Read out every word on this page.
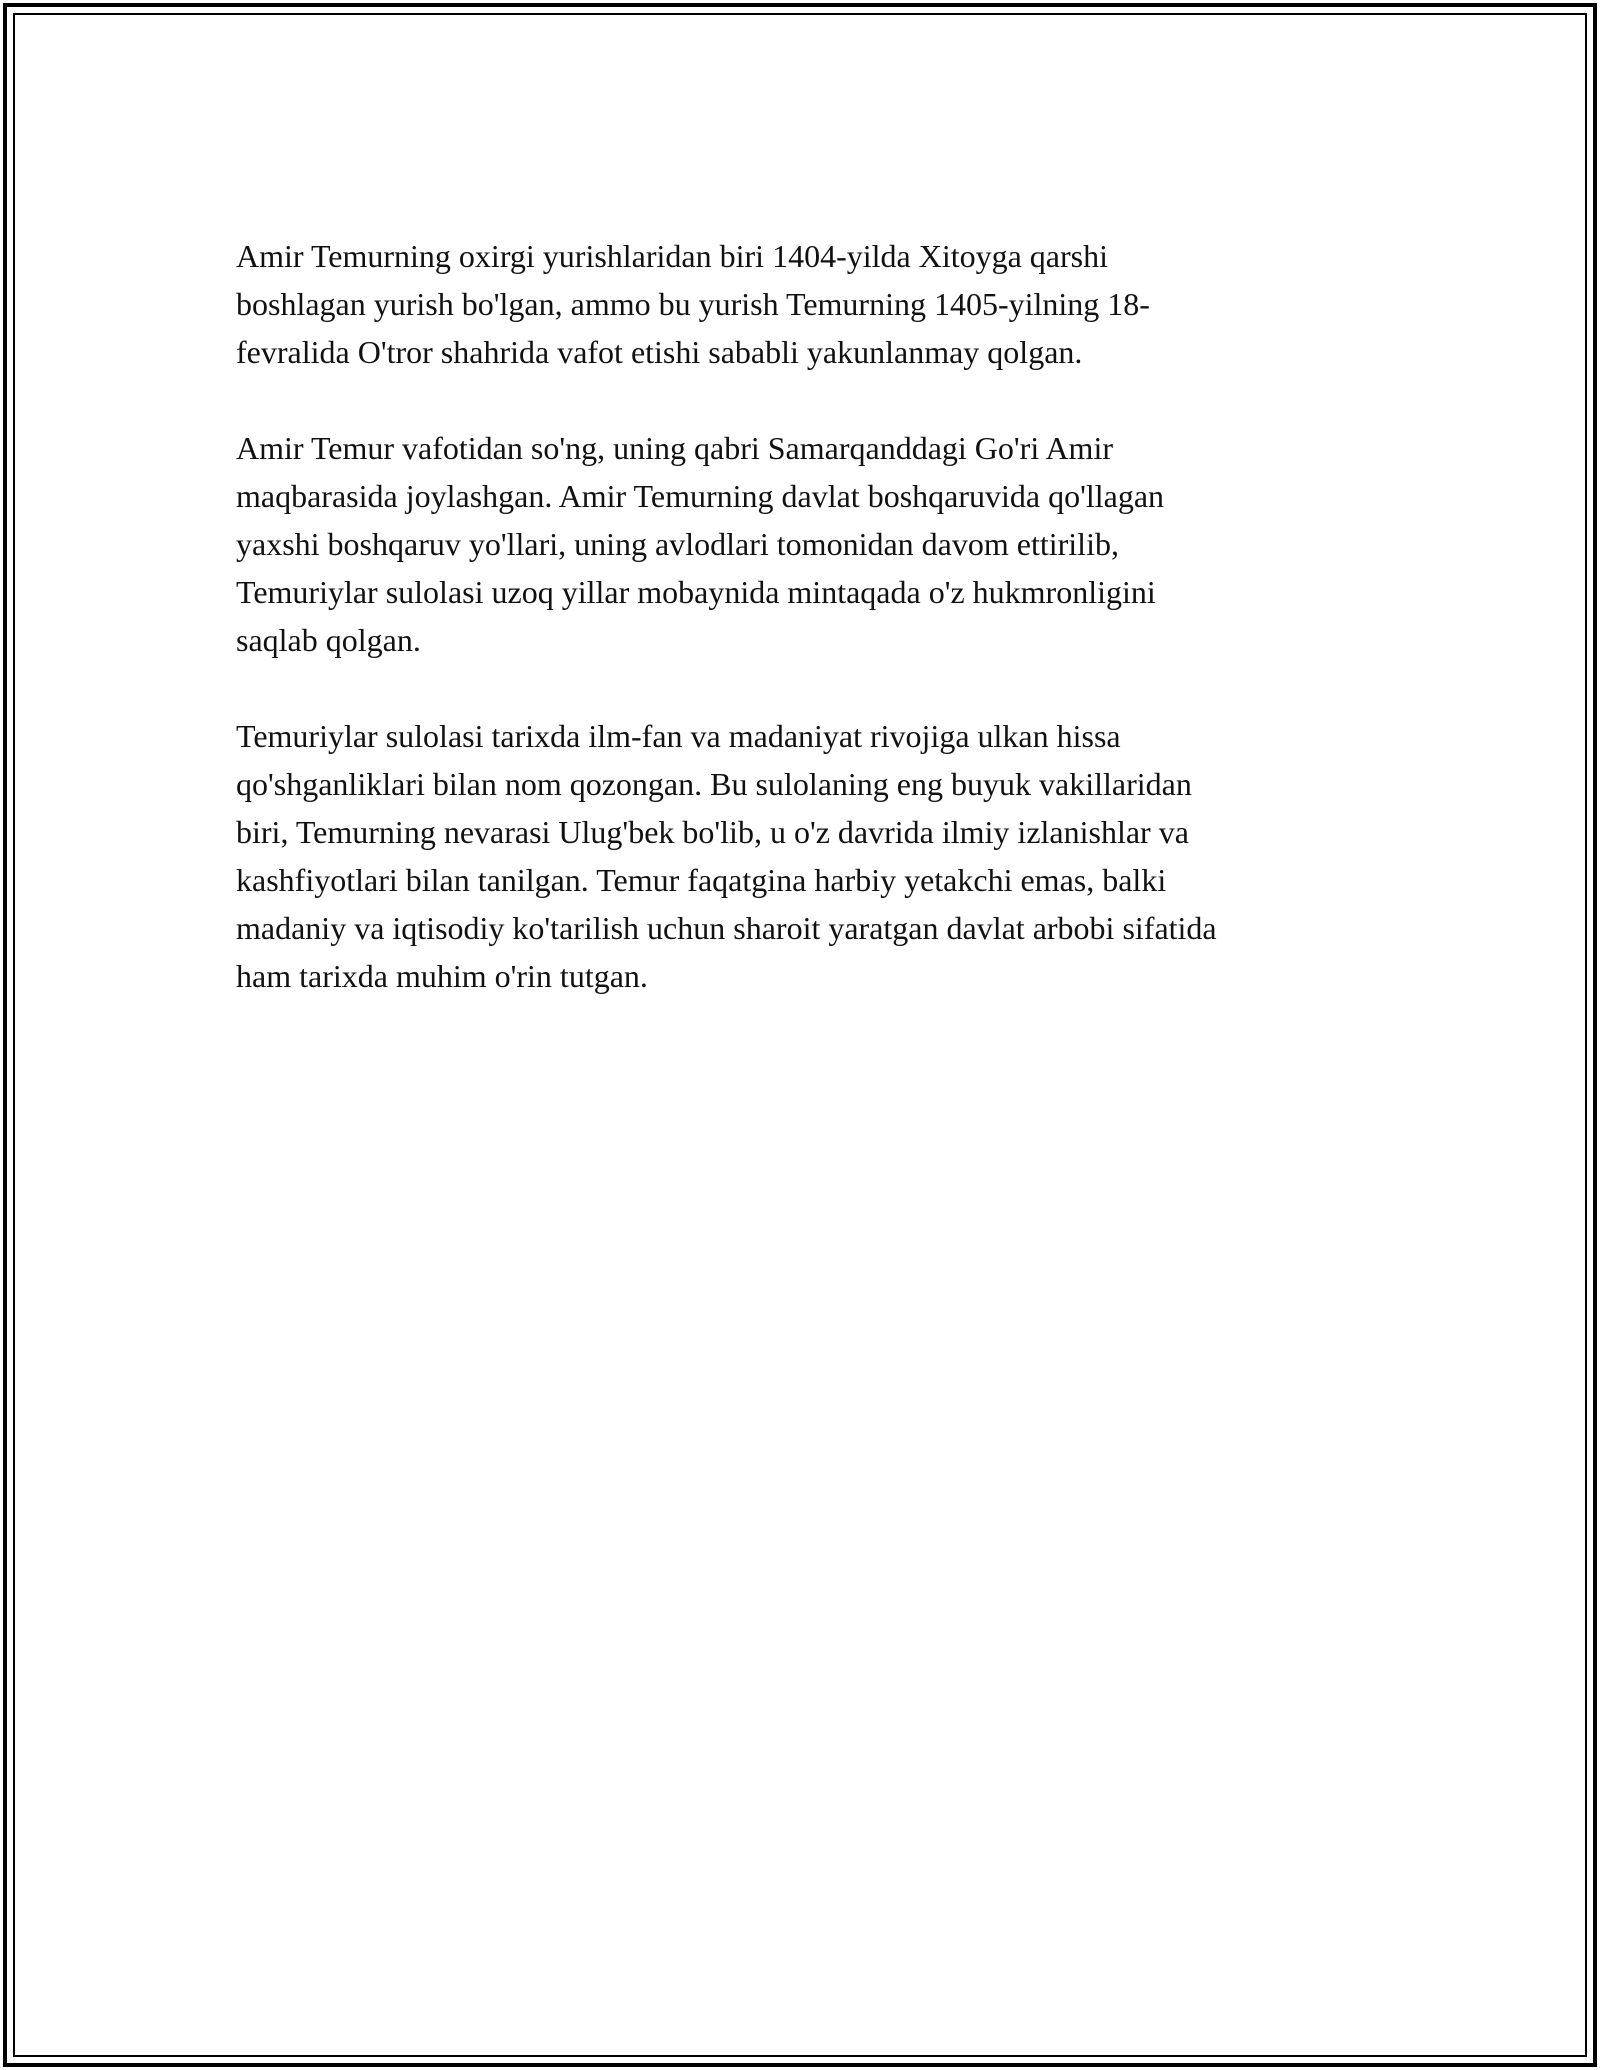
Amir Temurning oxirgi yurishlaridan biri 1404-yilda Xitoyga qarshi
boshlagan yurish bo'lgan, ammo bu yurish Temurning 1405-yilning 18-
fevralida O'tror shahrida vafot etishi sababli yakunlanmay qolgan.

Amir Temur vafotidan so'ng, uning qabri Samarqanddagi Go'ri Amir
maqbarasida joylashgan. Amir Temurning davlat boshqaruvida qo'llagan
yaxshi boshqaruv yo'llari, uning avlodlari tomonidan davom ettirilib,
Temuriylar sulolasi uzoq yillar mobaynida mintaqada o'z hukmronligini
saqlab qolgan.

Temuriylar sulolasi tarixda ilm-fan va madaniyat rivojiga ulkan hissa
qo'shganliklari bilan nom qozongan. Bu sulolaning eng buyuk vakillaridan
biri, Temurning nevarasi Ulug'bek bo'lib, u o'z davrida ilmiy izlanishlar va
kashfiyotlari bilan tanilgan. Temur faqatgina harbiy yetakchi emas, balki
madaniy va iqtisodiy ko'tarilish uchun sharoit yaratgan davlat arbobi sifatida
ham tarixda muhim o'rin tutgan.
